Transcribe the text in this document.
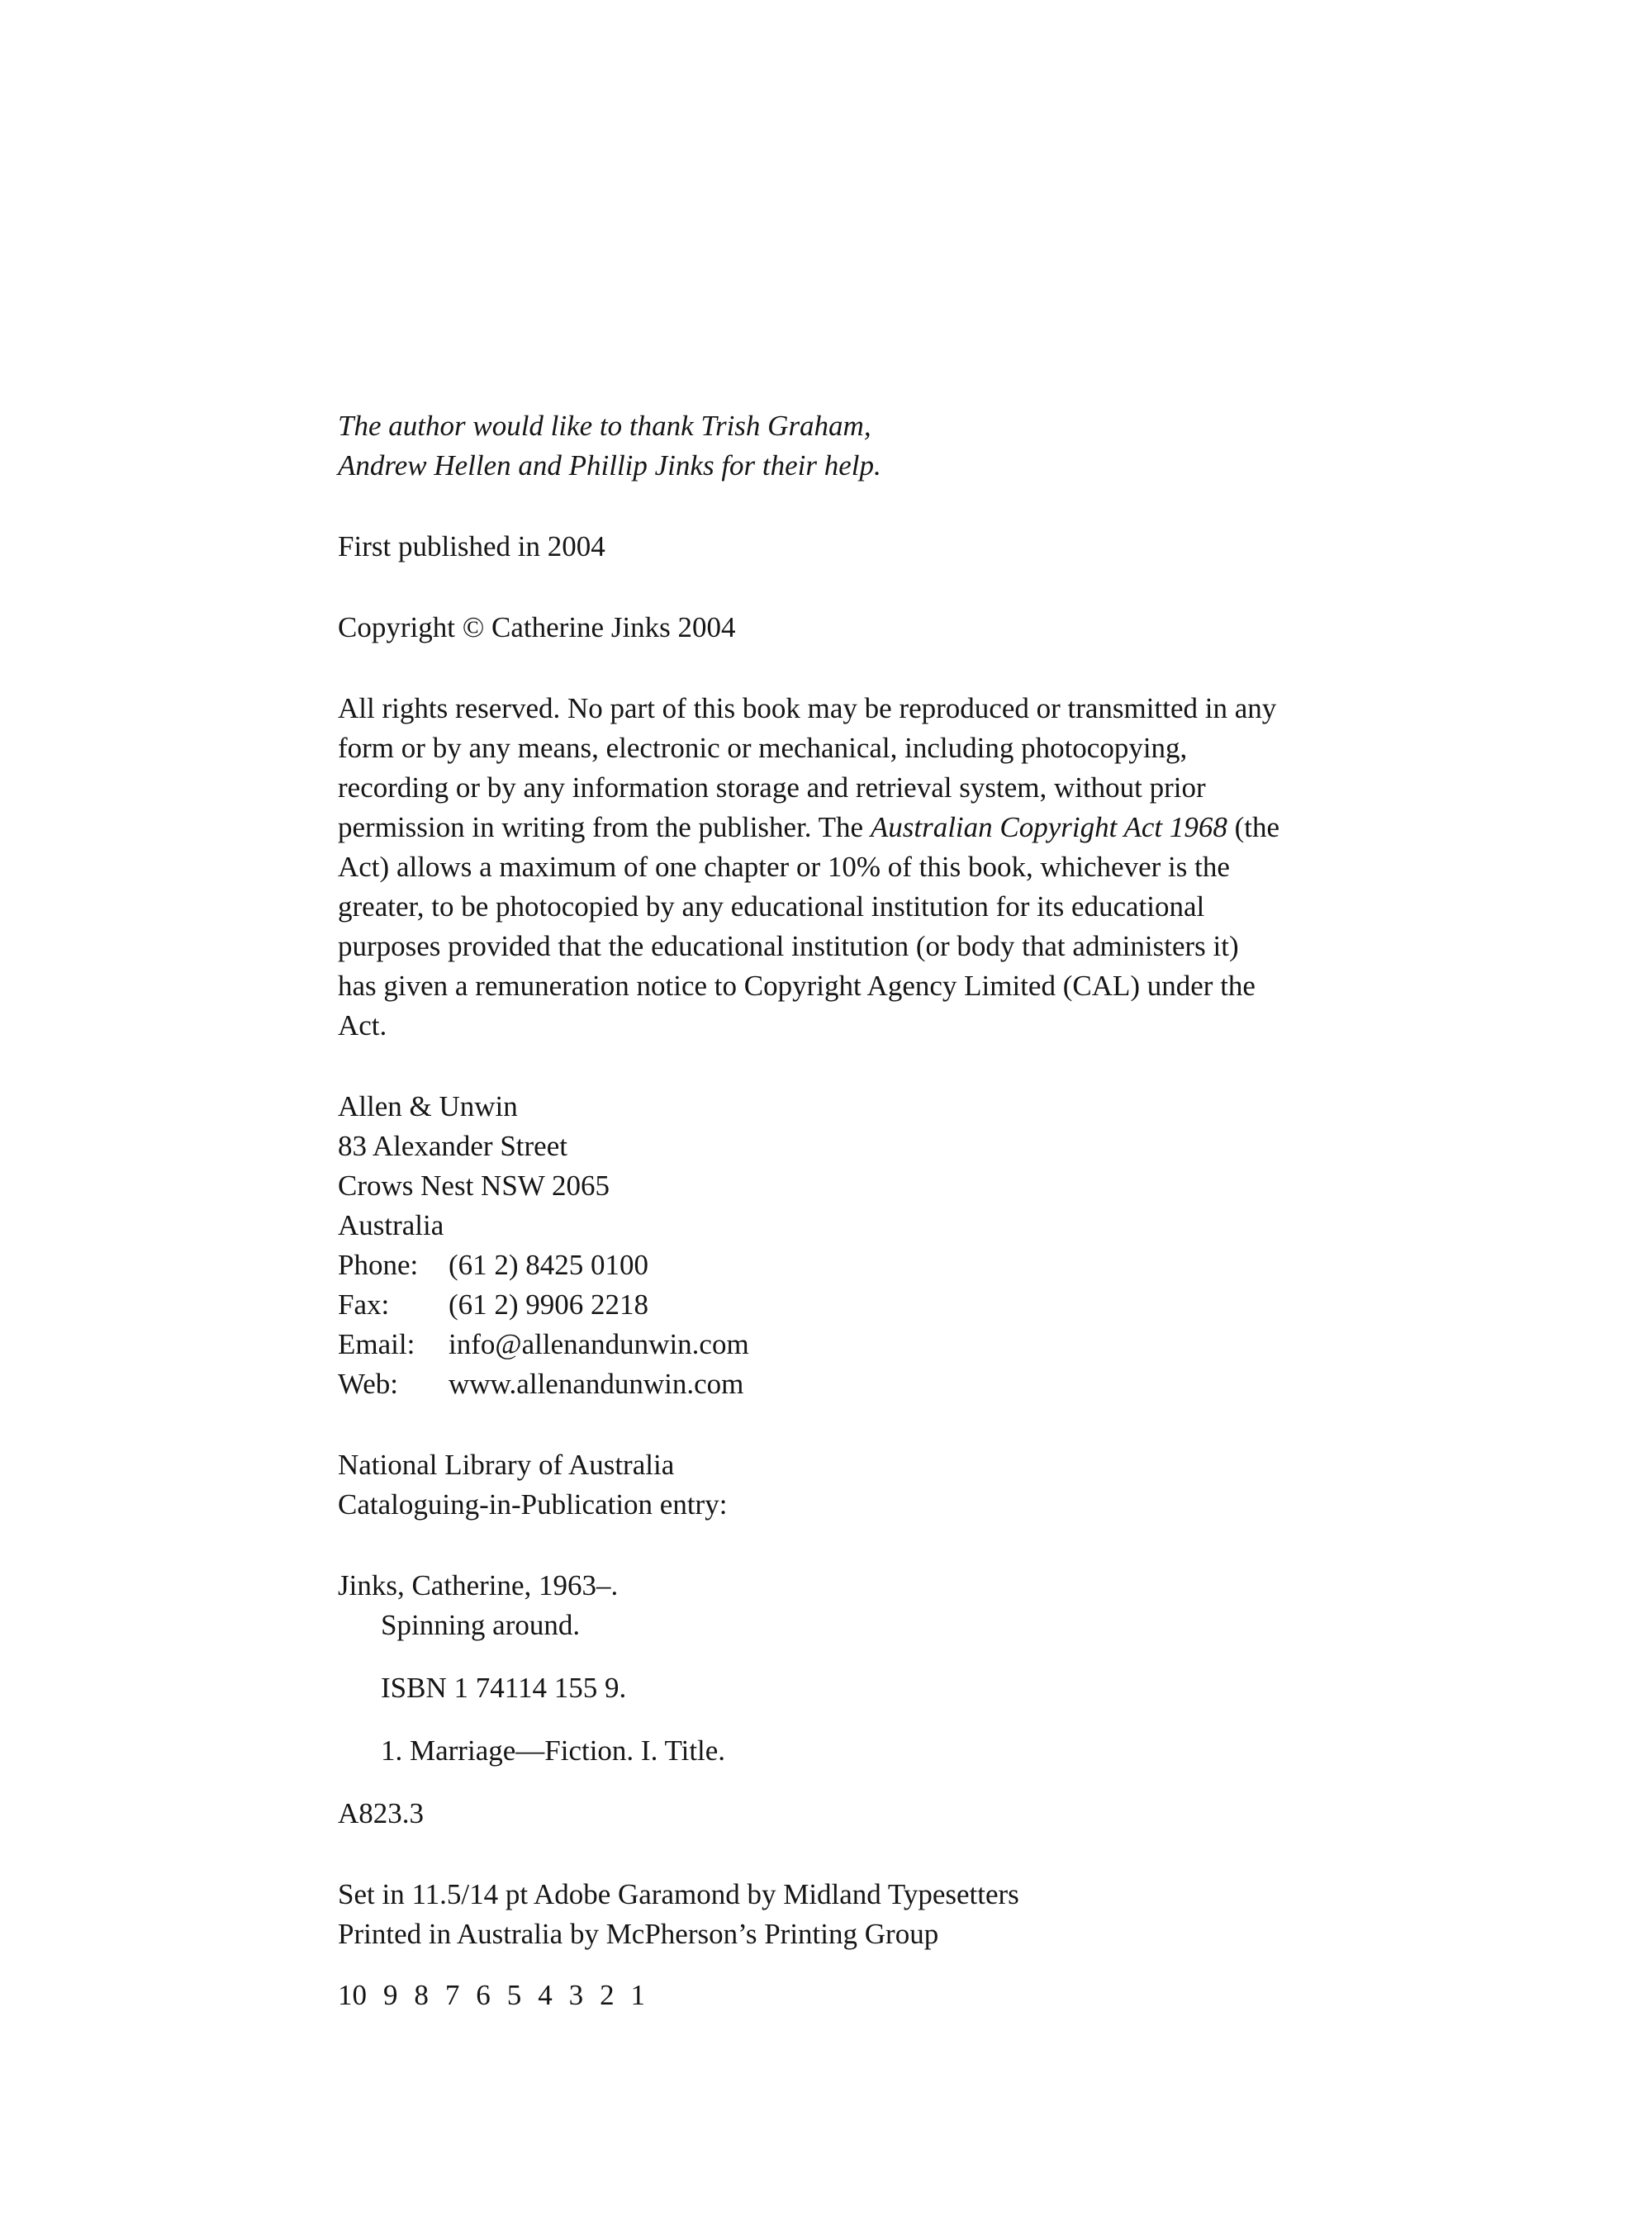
The author would like to thank Trish Graham,
Andrew Hellen and Phillip Jinks for their help.

First published in 2004

Copyright © Catherine Jinks 2004

All rights reserved. No part of this book may be reproduced or transmitted in any form or by any means, electronic or mechanical, including photocopying, recording or by any information storage and retrieval system, without prior permission in writing from the publisher. The Australian Copyright Act 1968 (the Act) allows a maximum of one chapter or 10% of this book, whichever is the greater, to be photocopied by any educational institution for its educational purposes provided that the educational institution (or body that administers it) has given a remuneration notice to Copyright Agency Limited (CAL) under the Act.

Allen & Unwin
83 Alexander Street
Crows Nest NSW 2065
Australia
Phone:	(61 2) 8425 0100
Fax:	(61 2) 9906 2218
Email:	info@allenandunwin.com
Web:	www.allenandunwin.com
National Library of Australia
Cataloguing-in-Publication entry:
Jinks, Catherine, 1963–.
Spinning around.
ISBN 1 74114 155 9.
1. Marriage—Fiction. I. Title.
A823.3
Set in 11.5/14 pt Adobe Garamond by Midland Typesetters
Printed in Australia by McPherson’s Printing Group

10 9 8 7 6 5 4 3 2 1
